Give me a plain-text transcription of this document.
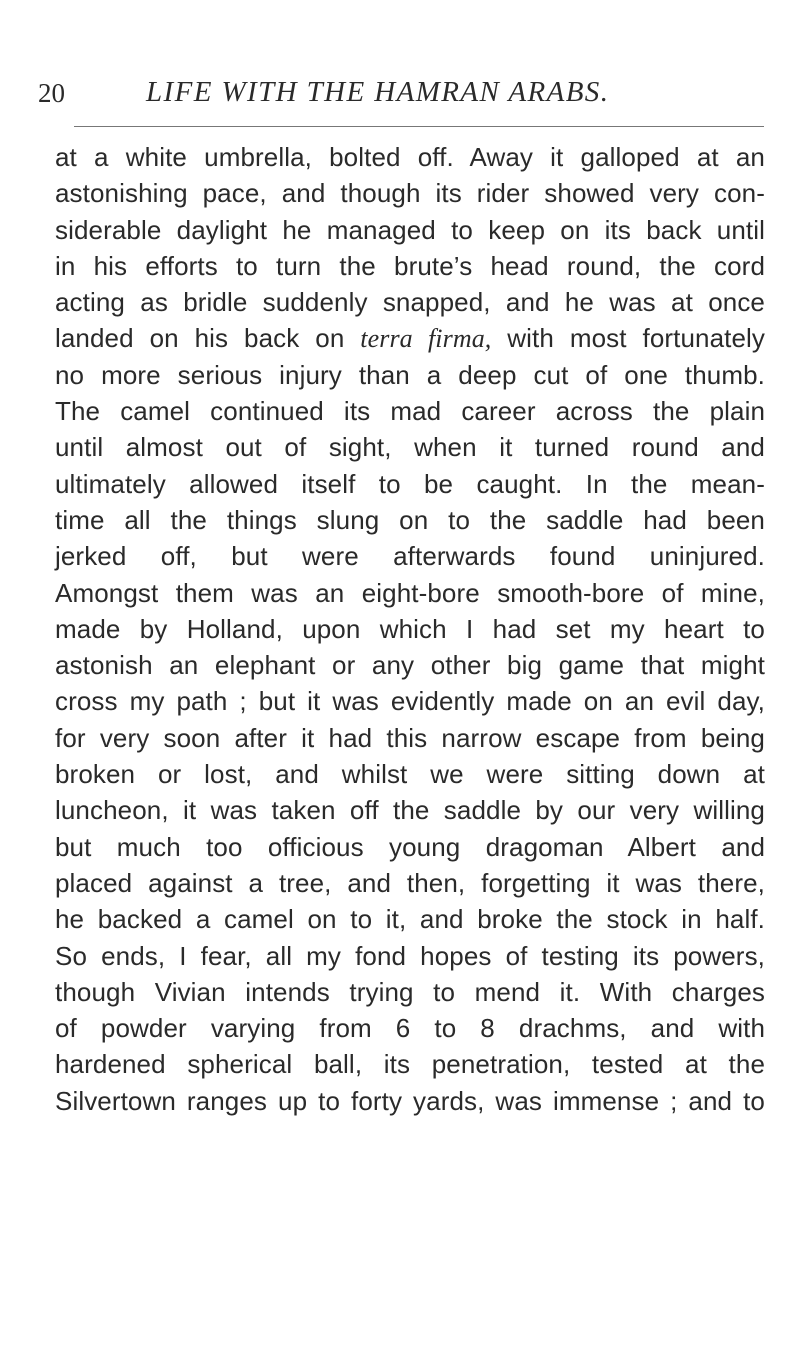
20	LIFE WITH THE HAMRAN ARABS.
at a white umbrella, bolted off. Away it galloped at an
astonishing pace, and though its rider showed very con-
siderable daylight he managed to keep on its back until
in his efforts to turn the brute’s head round, the cord
acting as bridle suddenly snapped, and he was at once
landed on his back on terra firma, with most fortunately
no more serious injury than a deep cut of one thumb.
The camel continued its mad career across the plain
until almost out of sight, when it turned round and
ultimately allowed itself to be caught. In the mean-
time all the things slung on to the saddle had been
jerked off, but were afterwards found uninjured.
Amongst them was an eight-bore smooth-bore of mine,
made by Holland, upon which I had set my heart to
astonish an elephant or any other big game that might
cross my path ; but it was evidently made on an evil day,
for very soon after it had this narrow escape from being
broken or lost, and whilst we were sitting down at
luncheon, it was taken off the saddle by our very willing
but much too officious young dragoman Albert and
placed against a tree, and then, forgetting it was there,
he backed a camel on to it, and broke the stock in half.
So ends, I fear, all my fond hopes of testing its powers,
though Vivian intends trying to mend it. With charges
of powder varying from 6 to 8 drachms, and with
hardened spherical ball, its penetration, tested at the
Silvertown ranges up to forty yards, was immense ; and to
